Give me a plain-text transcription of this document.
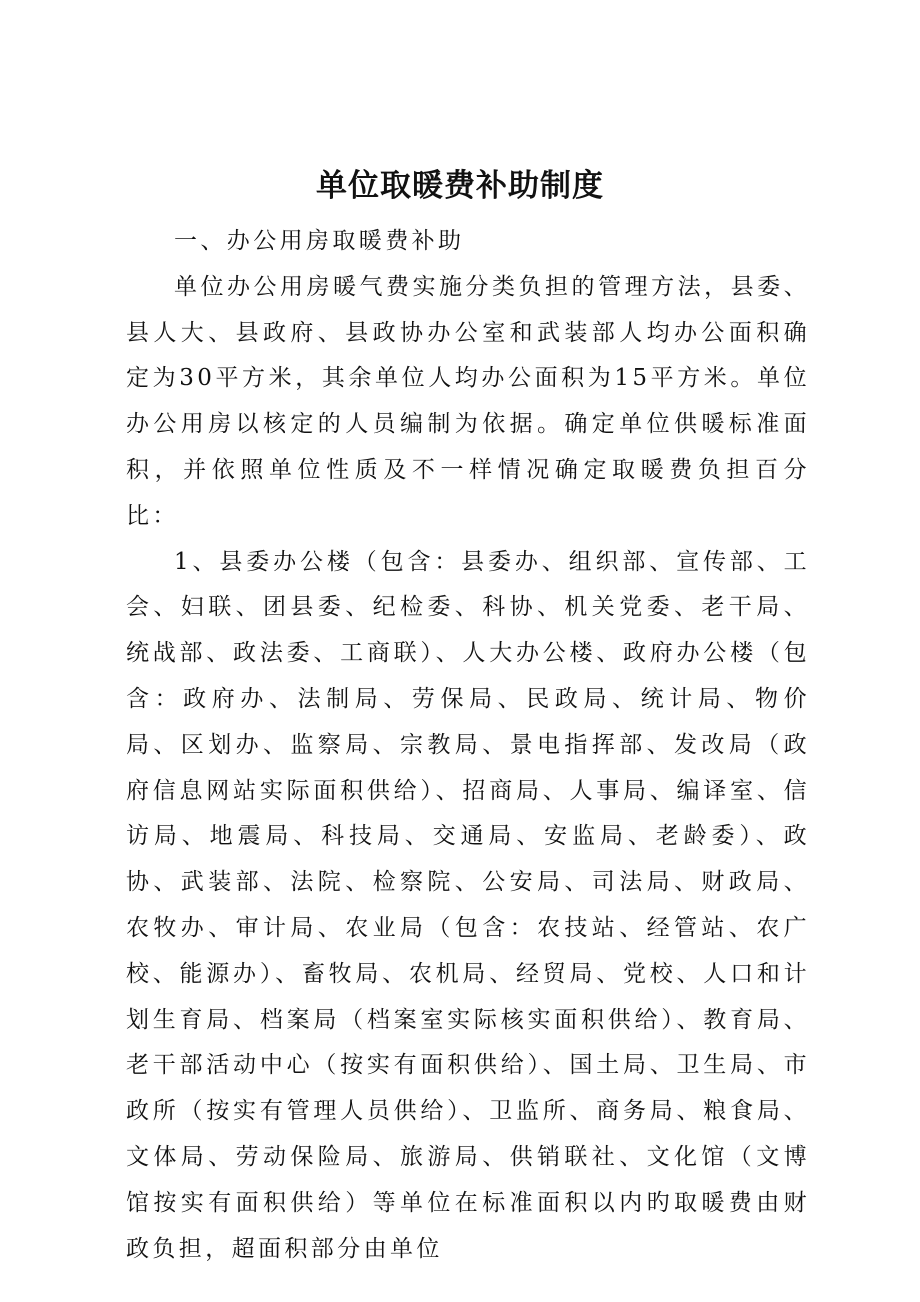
单位取暖费补助制度

一、办公用房取暖费补助

单位办公用房暖气费实施分类负担的管理方法，县委、县人大、县政府、县政协办公室和武装部人均办公面积确定为30平方米，其余单位人均办公面积为15平方米。单位办公用房以核定的人员编制为依据。确定单位供暖标准面积，并依照单位性质及不一样情况确定取暖费负担百分比：

1、县委办公楼（包含：县委办、组织部、宣传部、工会、妇联、团县委、纪检委、科协、机关党委、老干局、统战部、政法委、工商联）、人大办公楼、政府办公楼（包含：政府办、法制局、劳保局、民政局、统计局、物价局、区划办、监察局、宗教局、景电指挥部、发改局（政府信息网站实际面积供给）、招商局、人事局、编译室、信访局、地震局、科技局、交通局、安监局、老龄委）、政协、武装部、法院、检察院、公安局、司法局、财政局、农牧办、审计局、农业局（包含：农技站、经管站、农广校、能源办）、畜牧局、农机局、经贸局、党校、人口和计划生育局、档案局（档案室实际核实面积供给）、教育局、老干部活动中心（按实有面积供给）、国土局、卫生局、市政所（按实有管理人员供给）、卫监所、商务局、粮食局、文体局、劳动保险局、旅游局、供销联社、文化馆（文博馆按实有面积供给）等单位在标准面积以内旳取暖费由财政负担，超面积部分由单位
